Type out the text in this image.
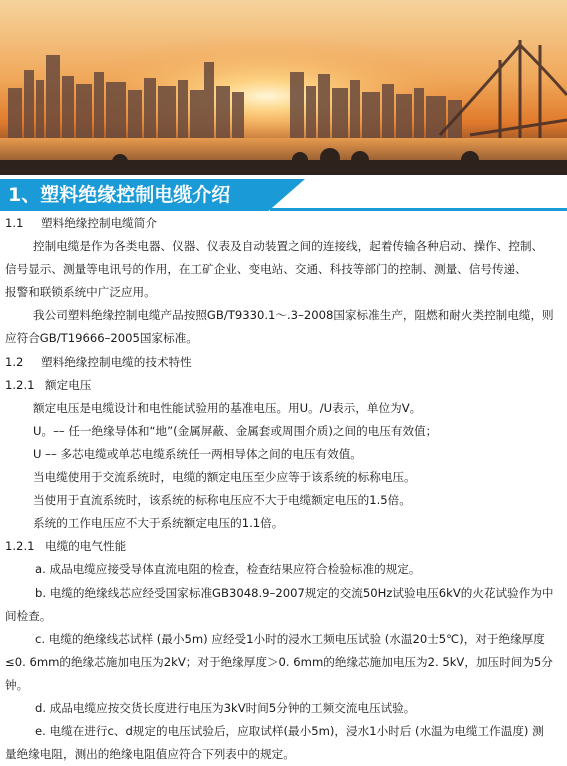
1、塑料绝缘控制电缆介绍
1.1 塑料绝缘控制电缆简介
控制电缆是作为各类电器、仪器、仪表及自动装置之间的连接线，起着传输各种启动、操作、控制、
信号显示、测量等电讯号的作用，在工矿企业、变电站、交通、科技等部门的控制、测量、信号传递、
报警和联锁系统中广泛应用。
我公司塑料绝缘控制电缆产品按照GB/T9330.1～.3–2008国家标准生产，阻燃和耐火类控制电缆，则
应符合GB/T19666–2005国家标准。
1.2 塑料绝缘控制电缆的技术特性
1.2.1 额定电压
额定电压是电缆设计和电性能试验用的基准电压。用U。/U表示，单位为V。
U。–– 任一绝缘导体和“地”(金属屏蔽、金属套或周围介质)之间的电压有效值；
U –– 多芯电缆或单芯电缆系统任一两相导体之间的电压有效值。
当电缆使用于交流系统时，电缆的额定电压至少应等于该系统的标称电压。
当使用于直流系统时，该系统的标称电压应不大于电缆额定电压的1.5倍。
系统的工作电压应不大于系统额定电压的1.1倍。
1.2.1 电缆的电气性能
a. 成品电缆应接受导体直流电阻的检查，检查结果应符合检验标准的规定。
b. 电缆的绝缘线芯应经受国家标准GB3048.9–2007规定的交流50Hz试验电压6kV的火花试验作为中
间检查。
c. 电缆的绝缘线芯试样 (最小5m) 应经受1小时的浸水工频电压试验 (水温20士5℃)，对于绝缘厚度
≤0. 6mm的绝缘芯施加电压为2kV；对于绝缘厚度＞0. 6mm的绝缘芯施加电压为2. 5kV，加压时间为5分
钟。
d. 成品电缆应按交货长度进行电压为3kV时间5分钟的工频交流电压试验。
e. 电缆在进行c、d规定的电压试验后，应取试样(最小5m)，浸水1小时后 (水温为电缆工作温度) 测
量绝缘电阻，测出的绝缘电阻值应符合下列表中的规定。
